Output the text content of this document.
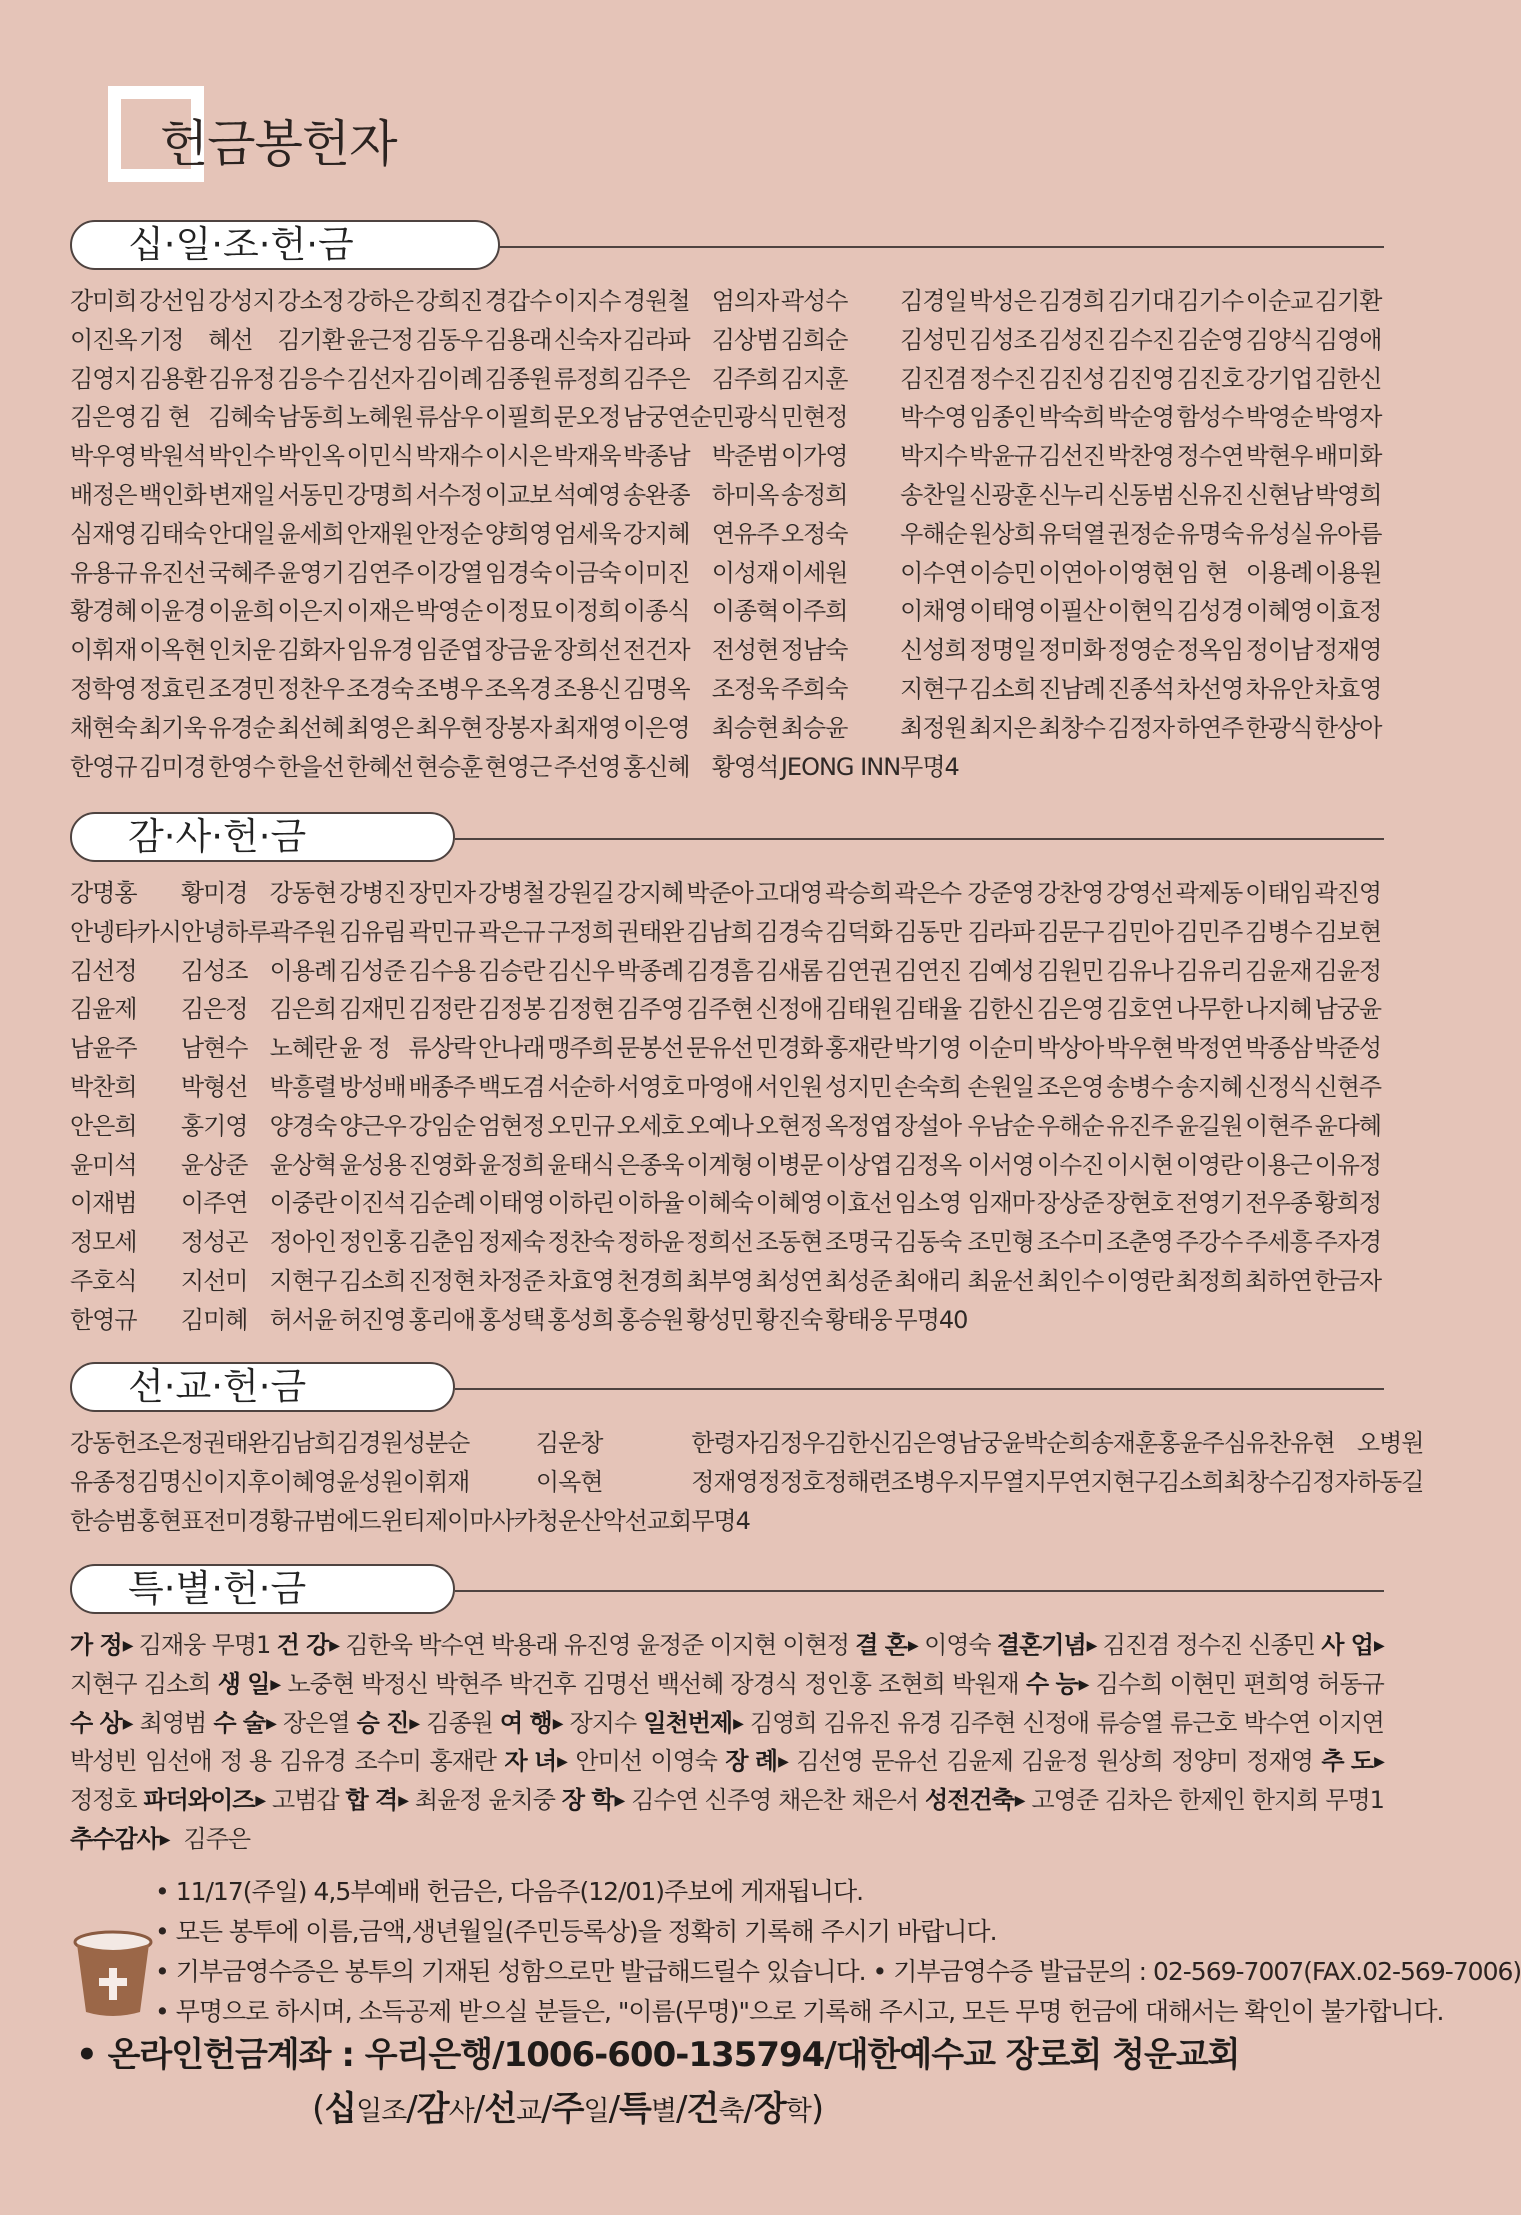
헌금봉헌자
십·일·조·헌·금
강미희 강선임 강성지 강소정 강하은 강희진 경갑수 이지수 경원철 엄의자 곽성수	김경일 박성은 김경희 김기대 김기수 이순교 김기환
이진옥 기정	혜선	김기환 윤근정 김동우 김용래 신숙자 김라파 김상범 김희순	김성민 김성조 김성진 김수진 김순영 김양식 김영애
김영지 김용환 김유정 김응수 김선자 김이례 김종원 류정희 김주은 김주희 김지훈	김진겸 정수진 김진성 김진영 김진호 강기업 김한신
김은영 김 현 김혜숙 남동희 노혜원 류삼우 이필희 문오정 남궁연순 민광식 민현정	박수영 임종인 박숙희 박순영 함성수 박영순 박영자
박우영 박원석 박인수 박인옥 이민식 박재수 이시은 박재욱 박종남 박준범 이가영	박지수 박윤규 김선진 박찬영 정수연 박현우 배미화
배정은 백인화 변재일 서동민 강명희 서수정 이교보 석예영 송완종 하미옥 송정희	송찬일 신광훈 신누리 신동범 신유진 신현남 박영희
심재영 김태숙 안대일 윤세희 안재원 안정순 양희영 엄세욱 강지혜 연유주 오정숙	우해순 원상희 유덕열 권정순 유명숙 유성실 유아름
유용규 유진선 국혜주 윤영기 김연주 이강열 임경숙 이금숙 이미진 이성재 이세원	이수연 이승민 이연아 이영현 임 현 이용례 이용원
황경혜 이윤경 이윤희 이은지 이재은 박영순 이정묘 이정희 이종식 이종혁 이주희	이채영 이태영 이필산 이현익 김성경 이혜영 이효정
이휘재 이옥현 인치운 김화자 임유경 임준엽 장금윤 장희선 전건자 전성현 정남숙	신성희 정명일 정미화 정영순 정옥임 정이남 정재영
정학영 정효린 조경민 정찬우 조경숙 조병우 조옥경 조용신 김명옥 조정욱 주희숙	지현구 김소희 진남례 진종석 차선영 차유안 차효영
채현숙 최기욱 유경순 최선혜 최영은 최우현 장봉자 최재영 이은영 최승현 최승윤	최정원 최지은 최창수 김정자 하연주 한광식 한상아
한영규 김미경 한영수 한을선 한혜선 현승훈 현영근 주선영 홍신혜 황영석 JEONG INN 무명4
감·사·헌·금
강명홍	황미경 강동현 강병진 장민자 강병철 강원길 강지혜 박준아 고대영 곽승희 곽은수 강준영 강찬영 강영선 곽제동 이태임 곽진영
안넹타카시 안녕하루 곽주원 김유림 곽민규 곽은규 구정희 권태완 김남희 김경숙 김덕화 김동만 김라파 김문구 김민아 김민주 김병수 김보현
김선정	김성조 이용례 김성준 김수용 김승란 김신우 박종례 김경흠 김새롬 김연권 김연진 김예성 김원민 김유나 김유리 김윤재 김윤정
김윤제	김은정 김은희 김재민 김정란 김정봉 김정현 김주영 김주현 신정애 김태원 김태율 김한신 김은영 김호연 나무한 나지혜 남궁윤
남윤주	남현수 노혜란 윤 정 류상락 안나래 맹주희 문봉선 문유선 민경화 홍재란 박기영 이순미 박상아 박우현 박정연 박종삼 박준성
박찬희	박형선 박흥렬 방성배 배종주 백도겸 서순하 서영호 마영애 서인원 성지민 손숙희 손원일 조은영 송병수 송지혜 신정식 신현주
안은희	홍기영 양경숙 양근우 강임순 엄현정 오민규 오세호 오예나 오현정 옥정엽 장설아 우남순 우해순 유진주 윤길원 이현주 윤다혜
윤미석	윤상준 윤상혁 윤성용 진영화 윤정희 윤태식 은종욱 이계형 이병문 이상엽 김정옥 이서영 이수진 이시현 이영란 이용근 이유정
이재범	이주연 이중란 이진석 김순례 이태영 이하린 이하율 이혜숙 이혜영 이효선 임소영 임재마 장상준 장현호 전영기 전우종 황희정
정모세	정성곤 정아인 정인홍 김춘임 정제숙 정찬숙 정하윤 정희선 조동현 조명국 김동숙 조민형 조수미 조춘영 주강수 주세흥 주자경
주호식	지선미 지현구 김소희 진정현 차정준 차효영 천경희 최부영 최성연 최성준 최애리 최윤선 최인수 이영란 최정희 최하연 한금자
한영규	김미혜 허서윤 허진영 홍리애 홍성택 홍성희 홍승원 황성민 황진숙 황태웅 무명40
선·교·헌·금
강동헌 조은정 권태완 김남희 김경원 성분순	김운창	한령자 김정우 김한신 김은영 남궁윤 박순희 송재훈 홍윤주 심유찬 유현 오병원
유종정 김명신 이지후 이혜영 윤성원 이휘재	이옥현	정재영 정정호 정해련 조병우 지무열 지무연 지현구 김소희 최창수 김정자 하동길
한승범 홍현표 전미경 황규범 에드윈 티제이마사카 청운산악선교회 무명4
특·별·헌·금
가 정 ▶ 김재웅 무명1 건 강 ▶ 김한욱 박수연 박용래 유진영 윤정준 이지현 이현정 결 혼 ▶ 이영숙 결혼기념 ▶ 김진겸 정수진 신종민 사 업 ▶
지현구 김소희 생 일 ▶ 노중현 박정신 박현주 박건후 김명선 백선혜 장경식 정인홍 조현희 박원재 수 능 ▶ 김수희 이현민 편희영 허동규
수 상 ▶ 최영범 수 술 ▶ 장은열 승 진 ▶ 김종원 여 행 ▶ 장지수 일천번제 ▶ 김영희 김유진 유경 김주현 신정애 류승열 류근호 박수연 이지연
박성빈 임선애 정 용 김유경 조수미 홍재란 자 녀 ▶ 안미선 이영숙 장 례 ▶ 김선영 문유선 김윤제 김윤정 원상희 정양미 정재영 추 도 ▶
정정호 파더와이즈 ▶ 고범갑 합 격 ▶ 최윤정 윤치중 장 학 ▶ 김수연 신주영 채은찬 채은서 성전건축 ▶ 고영준 김차은 한제인 한지희 무명1
추수감사 ▶	김주은
• 11/17(주일) 4,5부예배 헌금은, 다음주(12/01)주보에 게재됩니다.
• 모든 봉투에 이름,금액,생년월일(주민등록상)을 정확히 기록해 주시기 바랍니다.
• 기부금영수증은 봉투의 기재된 성함으로만 발급해드릴수 있습니다. • 기부금영수증 발급문의 : 02-569-7007(FAX.02-569-7006)
• 무명으로 하시며, 소득공제 받으실 분들은, "이름(무명)"으로 기록해 주시고, 모든 무명 헌금에 대해서는 확인이 불가합니다.
• 온라인헌금계좌 : 우리은행/1006-600-135794/대한예수교 장로회 청운교회
(십일조/감사/선교/주일/특별/건축/장학)
